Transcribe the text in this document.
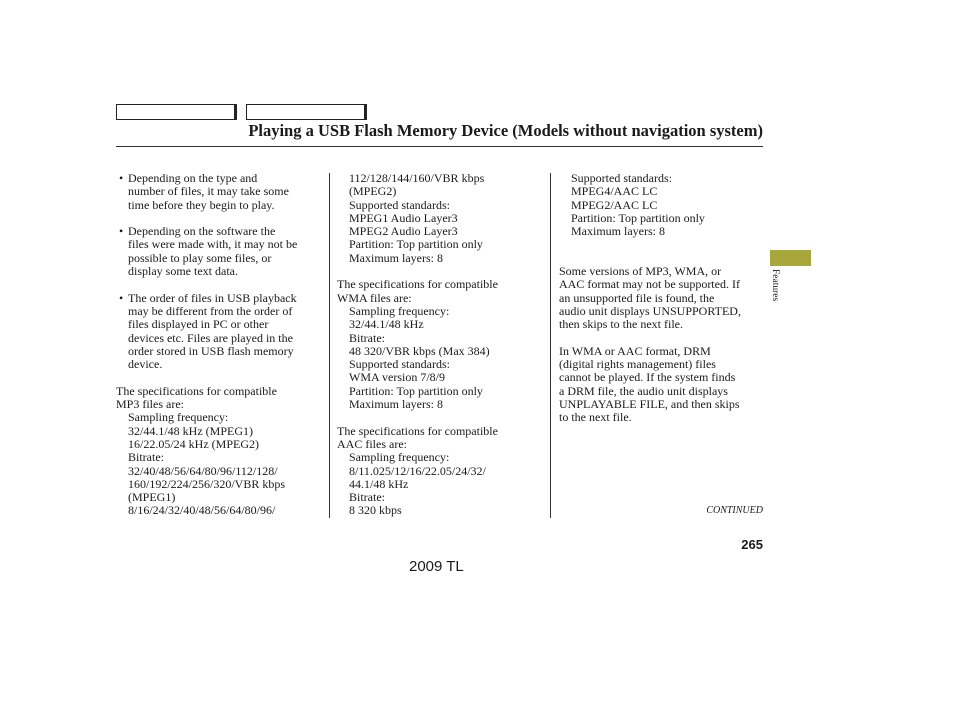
Playing a USB Flash Memory Device (Models without navigation system)
• Depending on the type and
number of files, it may take some
time before they begin to play.
• Depending on the software the
files were made with, it may not be
possible to play some files, or
display some text data.
• The order of files in USB playback
may be different from the order of
files displayed in PC or other
devices etc. Files are played in the
order stored in USB flash memory
device.
The specifications for compatible
MP3 files are:
Sampling frequency:
32/44.1/48 kHz (MPEG1)
16/22.05/24 kHz (MPEG2)
Bitrate:
32/40/48/56/64/80/96/112/128/
160/192/224/256/320/VBR kbps
(MPEG1)
8/16/24/32/40/48/56/64/80/96/
112/128/144/160/VBR kbps
(MPEG2)
Supported standards:
MPEG1 Audio Layer3
MPEG2 Audio Layer3
Partition: Top partition only
Maximum layers: 8
The specifications for compatible
WMA files are:
Sampling frequency:
32/44.1/48 kHz
Bitrate:
48 320/VBR kbps (Max 384)
Supported standards:
WMA version 7/8/9
Partition: Top partition only
Maximum layers: 8
The specifications for compatible
AAC files are:
Sampling frequency:
8/11.025/12/16/22.05/24/32/
44.1/48 kHz
Bitrate:
8 320 kbps
Supported standards:
MPEG4/AAC LC
MPEG2/AAC LC
Partition: Top partition only
Maximum layers: 8
Some versions of MP3, WMA, or
AAC format may not be supported. If
an unsupported file is found, the
audio unit displays UNSUPPORTED,
then skips to the next file.
In WMA or AAC format, DRM
(digital rights management) files
cannot be played. If the system finds
a DRM file, the audio unit displays
UNPLAYABLE FILE, and then skips
to the next file.
Features
CONTINUED
265
2009 TL
